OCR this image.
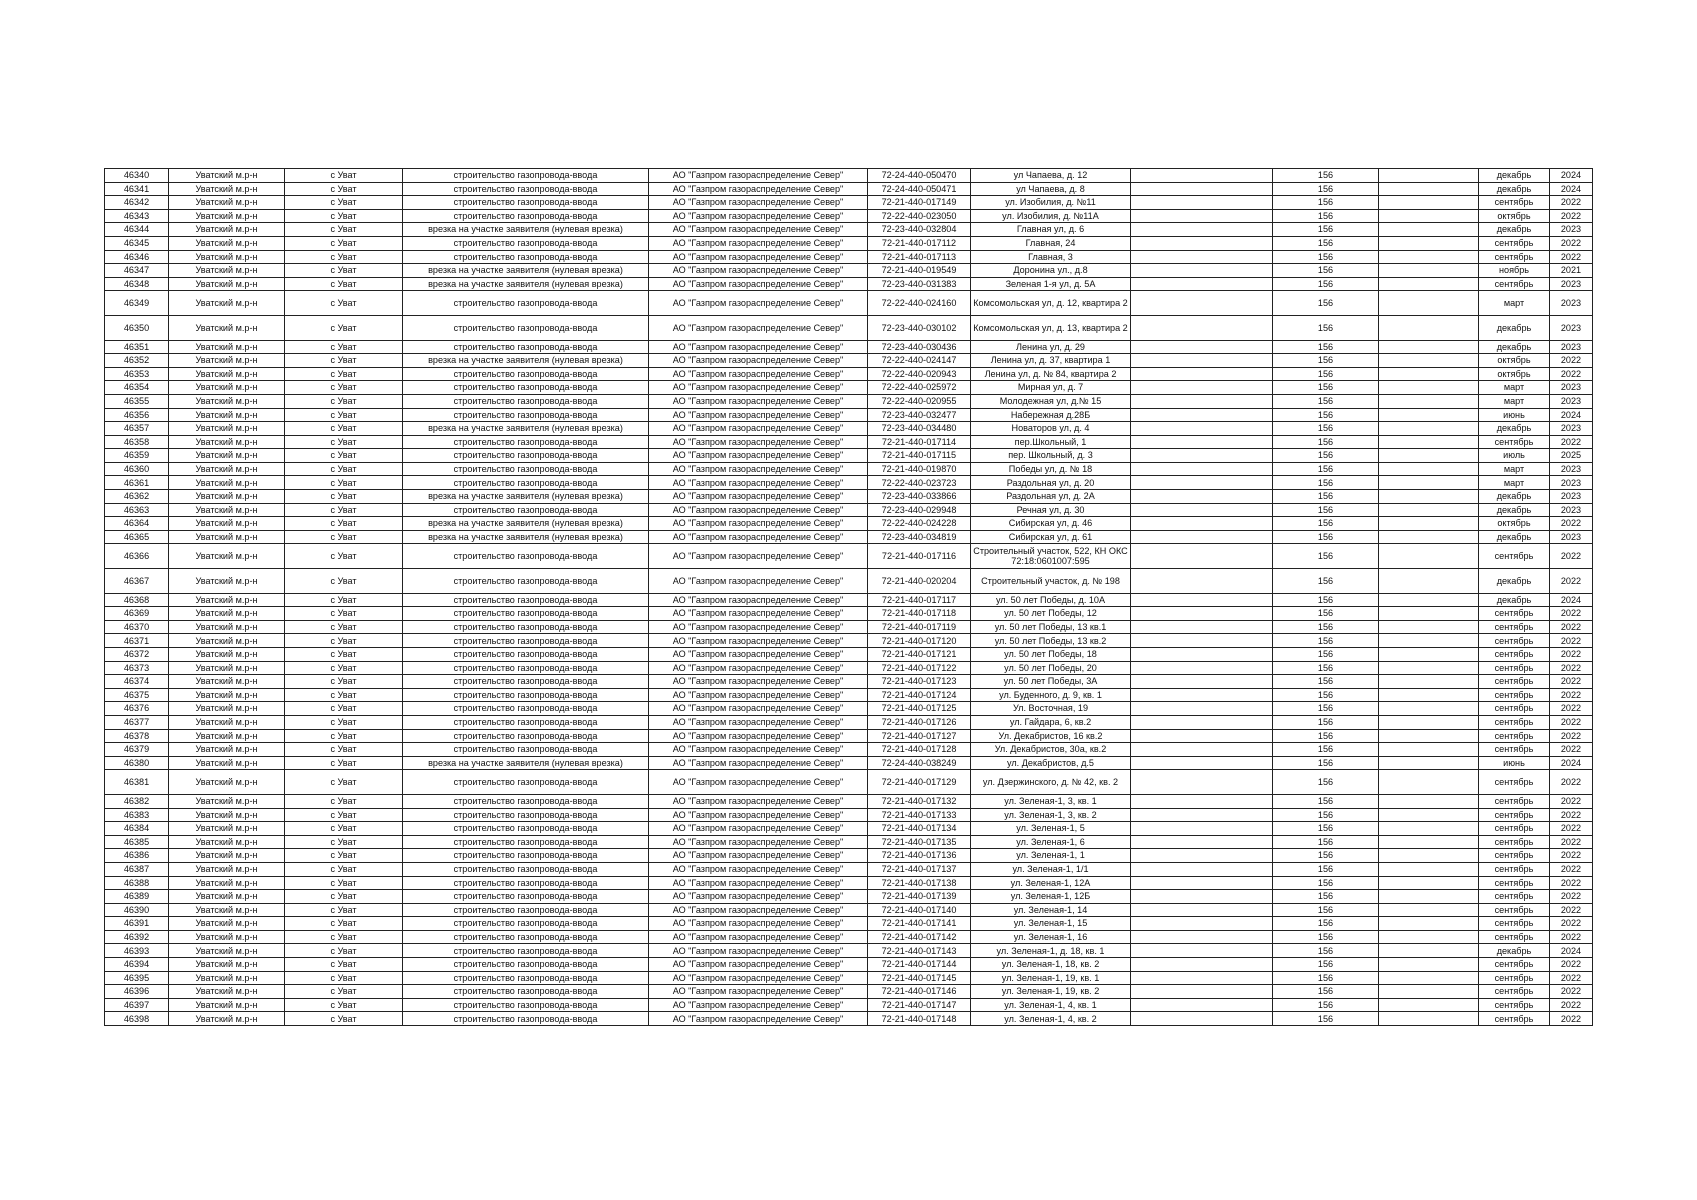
46340	Уватский м.р-н	с Уват	строительство газопровода-ввода	АО "Газпром газораспределение Север"	72-24-440-050470	ул Чапаева, д. 12		156		декабрь	2024
46341	Уватский м.р-н	с Уват	строительство газопровода-ввода	АО "Газпром газораспределение Север"	72-24-440-050471	ул Чапаева, д. 8		156		декабрь	2024
46342	Уватский м.р-н	с Уват	строительство газопровода-ввода	АО "Газпром газораспределение Север"	72-21-440-017149	ул. Изобилия, д. №11		156		сентябрь	2022
46343	Уватский м.р-н	с Уват	строительство газопровода-ввода	АО "Газпром газораспределение Север"	72-22-440-023050	ул. Изобилия, д. №11А		156		октябрь	2022
46344	Уватский м.р-н	с Уват	врезка на участке заявителя (нулевая врезка)	АО "Газпром газораспределение Север"	72-23-440-032804	Главная ул, д. 6		156		декабрь	2023
46345	Уватский м.р-н	с Уват	строительство газопровода-ввода	АО "Газпром газораспределение Север"	72-21-440-017112	Главная, 24		156		сентябрь	2022
46346	Уватский м.р-н	с Уват	строительство газопровода-ввода	АО "Газпром газораспределение Север"	72-21-440-017113	Главная, 3		156		сентябрь	2022
46347	Уватский м.р-н	с Уват	врезка на участке заявителя (нулевая врезка)	АО "Газпром газораспределение Север"	72-21-440-019549	Доронина ул., д.8		156		ноябрь	2021
46348	Уватский м.р-н	с Уват	врезка на участке заявителя (нулевая врезка)	АО "Газпром газораспределение Север"	72-23-440-031383	Зеленая 1-я ул, д. 5А		156		сентябрь	2023
46349	Уватский м.р-н	с Уват	строительство газопровода-ввода	АО "Газпром газораспределение Север"	72-22-440-024160	Комсомольская ул, д. 12, квартира 2		156		март	2023
46350	Уватский м.р-н	с Уват	строительство газопровода-ввода	АО "Газпром газораспределение Север"	72-23-440-030102	Комсомольская ул, д. 13, квартира 2		156		декабрь	2023
46351	Уватский м.р-н	с Уват	строительство газопровода-ввода	АО "Газпром газораспределение Север"	72-23-440-030436	Ленина ул, д. 29		156		декабрь	2023
46352	Уватский м.р-н	с Уват	врезка на участке заявителя (нулевая врезка)	АО "Газпром газораспределение Север"	72-22-440-024147	Ленина ул, д. 37, квартира 1		156		октябрь	2022
46353	Уватский м.р-н	с Уват	строительство газопровода-ввода	АО "Газпром газораспределение Север"	72-22-440-020943	Ленина ул, д. № 84, квартира 2		156		октябрь	2022
46354	Уватский м.р-н	с Уват	строительство газопровода-ввода	АО "Газпром газораспределение Север"	72-22-440-025972	Мирная ул, д. 7		156		март	2023
46355	Уватский м.р-н	с Уват	строительство газопровода-ввода	АО "Газпром газораспределение Север"	72-22-440-020955	Молодежная ул, д.№ 15		156		март	2023
46356	Уватский м.р-н	с Уват	строительство газопровода-ввода	АО "Газпром газораспределение Север"	72-23-440-032477	Набережная д.28Б		156		июнь	2024
46357	Уватский м.р-н	с Уват	врезка на участке заявителя (нулевая врезка)	АО "Газпром газораспределение Север"	72-23-440-034480	Новаторов ул, д. 4		156		декабрь	2023
46358	Уватский м.р-н	с Уват	строительство газопровода-ввода	АО "Газпром газораспределение Север"	72-21-440-017114	пер.Школьный, 1		156		сентябрь	2022
46359	Уватский м.р-н	с Уват	строительство газопровода-ввода	АО "Газпром газораспределение Север"	72-21-440-017115	пер. Школьный, д. 3		156		июль	2025
46360	Уватский м.р-н	с Уват	строительство газопровода-ввода	АО "Газпром газораспределение Север"	72-21-440-019870	Победы ул, д. № 18		156		март	2023
46361	Уватский м.р-н	с Уват	строительство газопровода-ввода	АО "Газпром газораспределение Север"	72-22-440-023723	Раздольная ул, д. 20		156		март	2023
46362	Уватский м.р-н	с Уват	врезка на участке заявителя (нулевая врезка)	АО "Газпром газораспределение Север"	72-23-440-033866	Раздольная ул, д. 2А		156		декабрь	2023
46363	Уватский м.р-н	с Уват	строительство газопровода-ввода	АО "Газпром газораспределение Север"	72-23-440-029948	Речная ул, д. 30		156		декабрь	2023
46364	Уватский м.р-н	с Уват	врезка на участке заявителя (нулевая врезка)	АО "Газпром газораспределение Север"	72-22-440-024228	Сибирская ул, д. 46		156		октябрь	2022
46365	Уватский м.р-н	с Уват	врезка на участке заявителя (нулевая врезка)	АО "Газпром газораспределение Север"	72-23-440-034819	Сибирская ул, д. 61		156		декабрь	2023
46366	Уватский м.р-н	с Уват	строительство газопровода-ввода	АО "Газпром газораспределение Север"	72-21-440-017116	Строительный участок, 522, КН ОКС 72:18:0601007:595		156		сентябрь	2022
46367	Уватский м.р-н	с Уват	строительство газопровода-ввода	АО "Газпром газораспределение Север"	72-21-440-020204	Строительный участок, д. № 198		156		декабрь	2022
46368	Уватский м.р-н	с Уват	строительство газопровода-ввода	АО "Газпром газораспределение Север"	72-21-440-017117	ул. 50 лет Победы, д. 10А		156		декабрь	2024
46369	Уватский м.р-н	с Уват	строительство газопровода-ввода	АО "Газпром газораспределение Север"	72-21-440-017118	ул. 50 лет Победы, 12		156		сентябрь	2022
46370	Уватский м.р-н	с Уват	строительство газопровода-ввода	АО "Газпром газораспределение Север"	72-21-440-017119	ул. 50 лет Победы, 13 кв.1		156		сентябрь	2022
46371	Уватский м.р-н	с Уват	строительство газопровода-ввода	АО "Газпром газораспределение Север"	72-21-440-017120	ул. 50 лет Победы, 13 кв.2		156		сентябрь	2022
46372	Уватский м.р-н	с Уват	строительство газопровода-ввода	АО "Газпром газораспределение Север"	72-21-440-017121	ул. 50 лет Победы, 18		156		сентябрь	2022
46373	Уватский м.р-н	с Уват	строительство газопровода-ввода	АО "Газпром газораспределение Север"	72-21-440-017122	ул. 50 лет Победы, 20		156		сентябрь	2022
46374	Уватский м.р-н	с Уват	строительство газопровода-ввода	АО "Газпром газораспределение Север"	72-21-440-017123	ул. 50 лет Победы, 3А		156		сентябрь	2022
46375	Уватский м.р-н	с Уват	строительство газопровода-ввода	АО "Газпром газораспределение Север"	72-21-440-017124	ул. Буденного, д. 9, кв. 1		156		сентябрь	2022
46376	Уватский м.р-н	с Уват	строительство газопровода-ввода	АО "Газпром газораспределение Север"	72-21-440-017125	Ул. Восточная, 19		156		сентябрь	2022
46377	Уватский м.р-н	с Уват	строительство газопровода-ввода	АО "Газпром газораспределение Север"	72-21-440-017126	ул. Гайдара, 6, кв.2		156		сентябрь	2022
46378	Уватский м.р-н	с Уват	строительство газопровода-ввода	АО "Газпром газораспределение Север"	72-21-440-017127	Ул. Декабристов, 16 кв.2		156		сентябрь	2022
46379	Уватский м.р-н	с Уват	строительство газопровода-ввода	АО "Газпром газораспределение Север"	72-21-440-017128	Ул. Декабристов, 30а, кв.2		156		сентябрь	2022
46380	Уватский м.р-н	с Уват	врезка на участке заявителя (нулевая врезка)	АО "Газпром газораспределение Север"	72-24-440-038249	ул. Декабристов, д.5		156		июнь	2024
46381	Уватский м.р-н	с Уват	строительство газопровода-ввода	АО "Газпром газораспределение Север"	72-21-440-017129	ул. Дзержинского, д. № 42, кв. 2		156		сентябрь	2022
46382	Уватский м.р-н	с Уват	строительство газопровода-ввода	АО "Газпром газораспределение Север"	72-21-440-017132	ул. Зеленая-1, 3, кв. 1		156		сентябрь	2022
46383	Уватский м.р-н	с Уват	строительство газопровода-ввода	АО "Газпром газораспределение Север"	72-21-440-017133	ул. Зеленая-1, 3, кв. 2		156		сентябрь	2022
46384	Уватский м.р-н	с Уват	строительство газопровода-ввода	АО "Газпром газораспределение Север"	72-21-440-017134	ул. Зеленая-1, 5		156		сентябрь	2022
46385	Уватский м.р-н	с Уват	строительство газопровода-ввода	АО "Газпром газораспределение Север"	72-21-440-017135	ул. Зеленая-1, 6		156		сентябрь	2022
46386	Уватский м.р-н	с Уват	строительство газопровода-ввода	АО "Газпром газораспределение Север"	72-21-440-017136	ул. Зеленая-1, 1		156		сентябрь	2022
46387	Уватский м.р-н	с Уват	строительство газопровода-ввода	АО "Газпром газораспределение Север"	72-21-440-017137	ул. Зеленая-1, 1/1		156		сентябрь	2022
46388	Уватский м.р-н	с Уват	строительство газопровода-ввода	АО "Газпром газораспределение Север"	72-21-440-017138	ул. Зеленая-1, 12А		156		сентябрь	2022
46389	Уватский м.р-н	с Уват	строительство газопровода-ввода	АО "Газпром газораспределение Север"	72-21-440-017139	ул. Зеленая-1, 12Б		156		сентябрь	2022
46390	Уватский м.р-н	с Уват	строительство газопровода-ввода	АО "Газпром газораспределение Север"	72-21-440-017140	ул. Зеленая-1, 14		156		сентябрь	2022
46391	Уватский м.р-н	с Уват	строительство газопровода-ввода	АО "Газпром газораспределение Север"	72-21-440-017141	ул. Зеленая-1, 15		156		сентябрь	2022
46392	Уватский м.р-н	с Уват	строительство газопровода-ввода	АО "Газпром газораспределение Север"	72-21-440-017142	ул. Зеленая-1, 16		156		сентябрь	2022
46393	Уватский м.р-н	с Уват	строительство газопровода-ввода	АО "Газпром газораспределение Север"	72-21-440-017143	ул. Зеленая-1, д. 18, кв. 1		156		декабрь	2024
46394	Уватский м.р-н	с Уват	строительство газопровода-ввода	АО "Газпром газораспределение Север"	72-21-440-017144	ул. Зеленая-1, 18, кв. 2		156		сентябрь	2022
46395	Уватский м.р-н	с Уват	строительство газопровода-ввода	АО "Газпром газораспределение Север"	72-21-440-017145	ул. Зеленая-1, 19, кв. 1		156		сентябрь	2022
46396	Уватский м.р-н	с Уват	строительство газопровода-ввода	АО "Газпром газораспределение Север"	72-21-440-017146	ул. Зеленая-1, 19, кв. 2		156		сентябрь	2022
46397	Уватский м.р-н	с Уват	строительство газопровода-ввода	АО "Газпром газораспределение Север"	72-21-440-017147	ул. Зеленая-1, 4, кв. 1		156		сентябрь	2022
46398	Уватский м.р-н	с Уват	строительство газопровода-ввода	АО "Газпром газораспределение Север"	72-21-440-017148	ул. Зеленая-1, 4, кв. 2		156		сентябрь	2022
